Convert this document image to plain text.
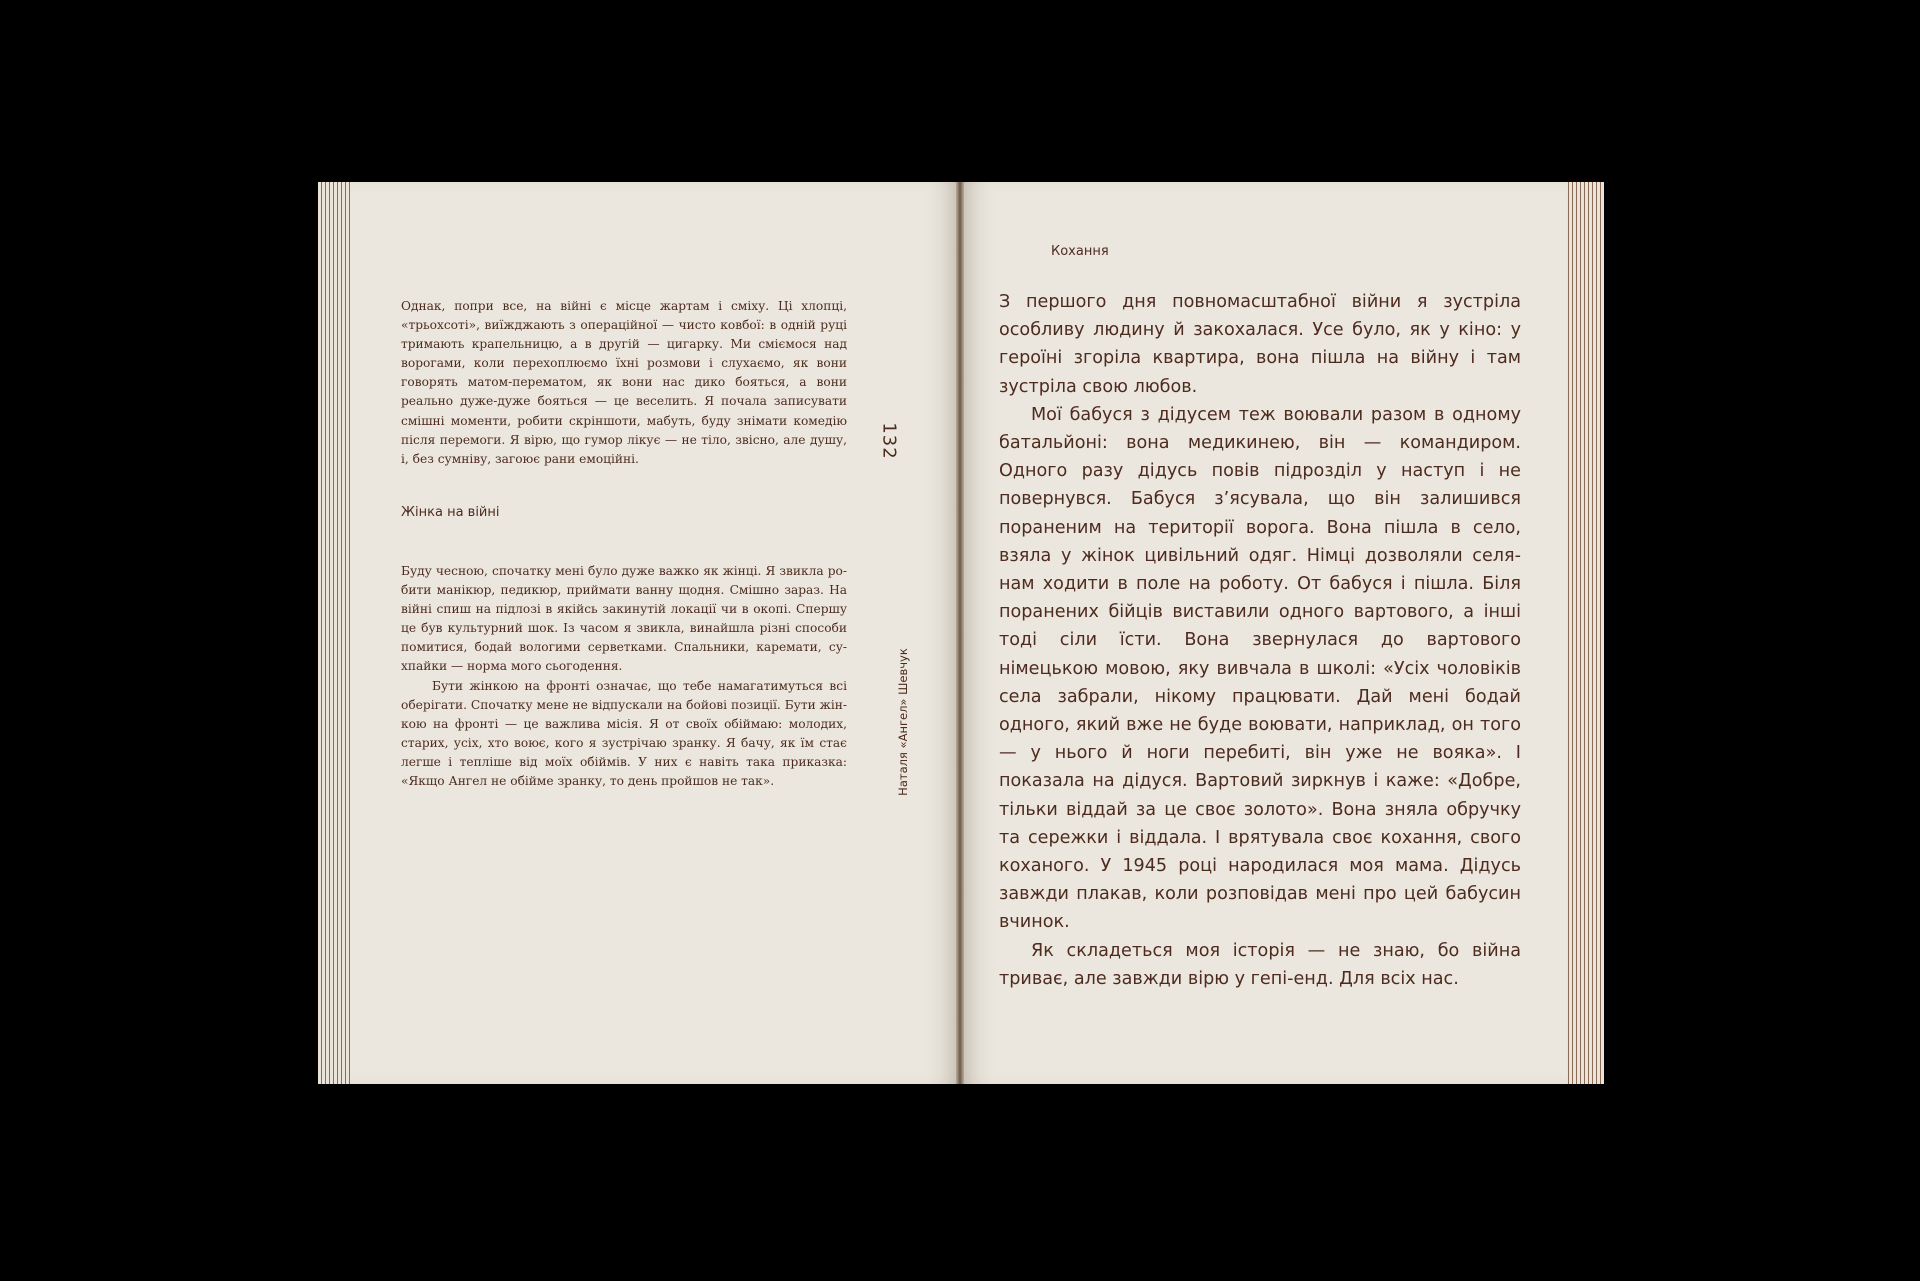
Однак, попри все, на війні є місце жартам і сміху. Ці хлопці, «трьохсоті», виїжджають з операційної — чисто ковбої: в одній руці тримають крапельницю, а в другій — цигарку. Ми сміємося над ворогами, коли перехоплюємо їхні розмови і слухаємо, як вони говорять матом-перематом, як вони нас дико бояться, а вони реально дуже-дуже бояться — це веселить. Я почала записувати смішні моменти, робити скріншоти, мабуть, буду знімати комедію після перемоги. Я вірю, що гумор лікує — не тіло, звісно, але душу, і, без сумніву, загоює рани емоційні.

Жінка на війні

Буду чесною, спочатку мені було дуже важко як жінці. Я звикла робити манікюр, педикюр, приймати ванну щодня. Смішно зараз. На війні спиш на підлозі в якійсь закинутій локації чи в окопі. Спершу це був культурний шок. Із часом я звикла, винайшла різні способи помитися, бодай вологими серветками. Спальники, каремати, сухпайки — норма мого сьогодення.

Бути жінкою на фронті означає, що тебе намагатимуться всі оберігати. Спочатку мене не відпускали на бойові позиції. Бути жінкою на фронті — це важлива місія. Я от своїх обіймаю: молодих, старих, усіх, хто воює, кого я зустрічаю зранку. Я бачу, як їм стає легше і тепліше від моїх обіймів. У них є навіть така приказка: «Якщо Ангел не обійме зранку, то день пройшов не так».

Кохання

З першого дня повномасштабної війни я зустріла особливу людину й закохалася. Усе було, як у кіно: у героїні згоріла квартира, вона пішла на війну і там зустріла свою любов.

Мої бабуся з дідусем теж воювали разом в одному батальйоні: вона медикинею, він — командиром. Одного разу дідусь повів підрозділ у наступ і не повернувся. Бабуся з’ясувала, що він залишився пораненим на території ворога. Вона пішла в село, взяла у жінок цивільний одяг. Німці дозволяли селянам ходити в поле на роботу. От бабуся і пішла. Біля поранених бійців виставили одного вартового, а інші тоді сіли їсти. Вона звернулася до вартового німецькою мовою, яку вивчала в школі: «Усіх чоловіків села забрали, нікому працювати. Дай мені бодай одного, який вже не буде воювати, наприклад, он того — у нього й ноги перебиті, він уже не вояка». І показала на дідуся. Вартовий зиркнув і каже: «Добре, тільки віддай за це своє золото». Вона зняла обручку та сережки і віддала. І врятувала своє кохання, свого коханого. У 1945 році народилася моя мама. Дідусь завжди плакав, коли розповідав мені про цей бабусин вчинок.

Як складеться моя історія — не знаю, бо війна триває, але завжди вірю у гепі-енд. Для всіх нас.

132

Наталя «Ангел» Шевчук
